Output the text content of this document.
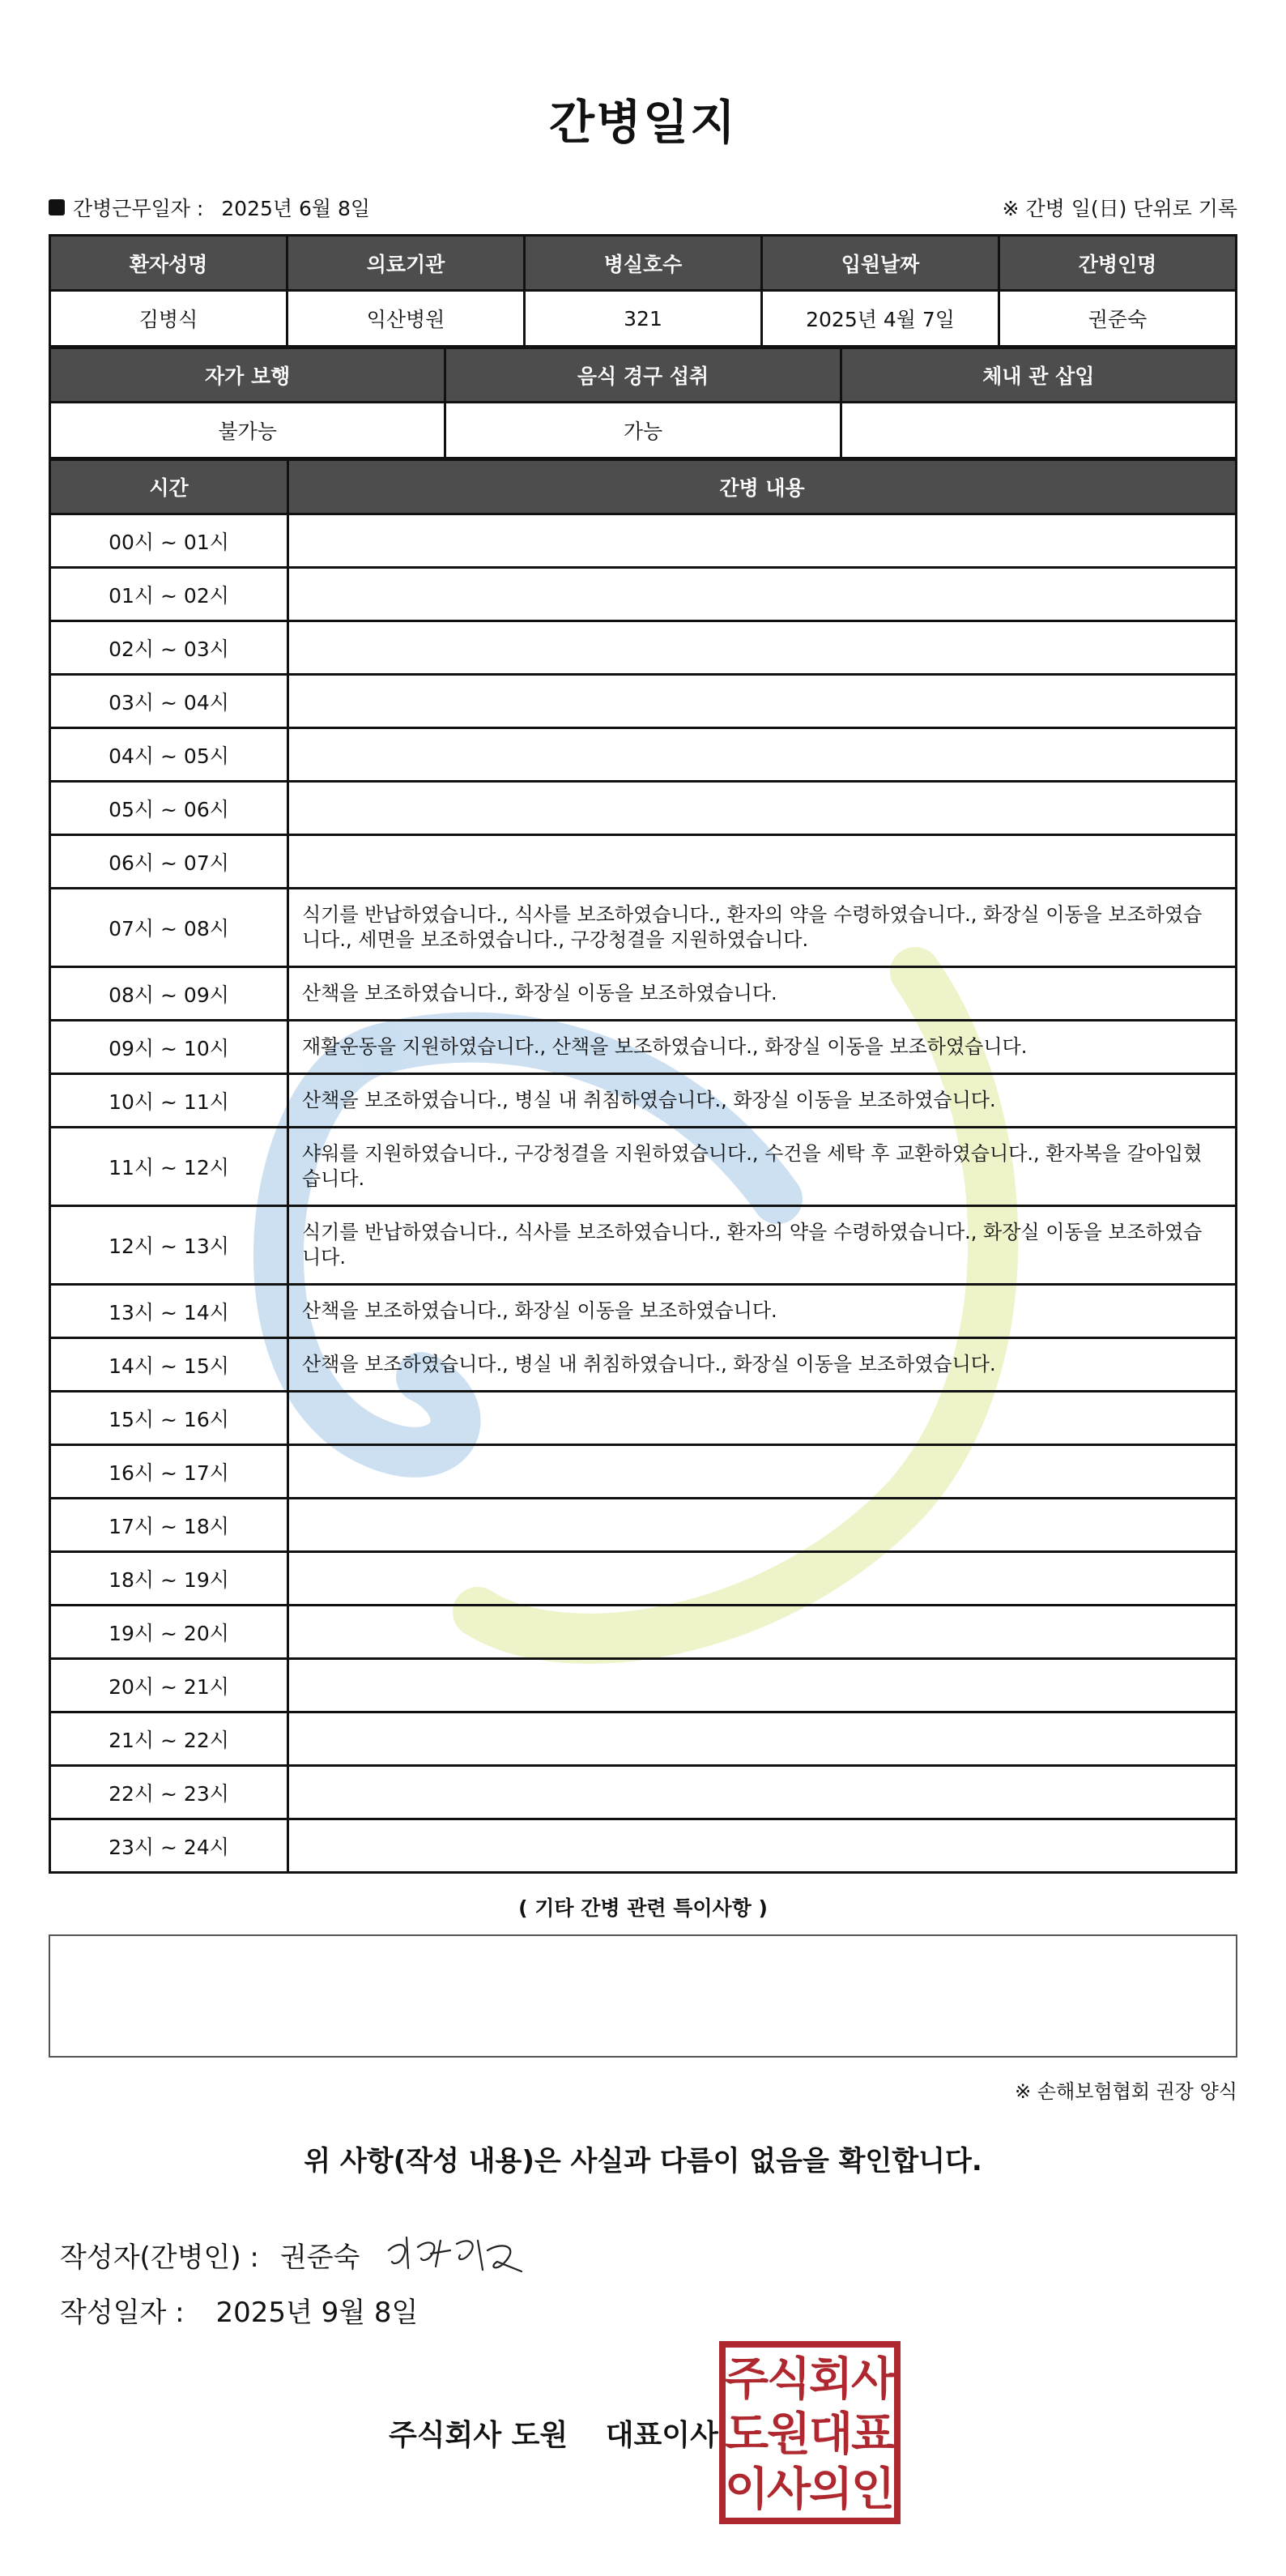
간병일지
간병근무일자 : 2025년 6월 8일	※ 간병 일(日) 단위로 기록
환자성명	의료기관	병실호수	입원날짜	간병인명
김병식	익산병원	321	2025년 4월 7일	권준숙
자가 보행	음식 경구 섭취	체내 관 삽입
불가능	가능	
시간	간병 내용
00시 ~ 01시	
01시 ~ 02시	
02시 ~ 03시	
03시 ~ 04시	
04시 ~ 05시	
05시 ~ 06시	
06시 ~ 07시	
07시 ~ 08시	식기를 반납하였습니다., 식사를 보조하였습니다., 환자의 약을 수령하였습니다., 화장실 이동을 보조하였습니다., 세면을 보조하였습니다., 구강청결을 지원하였습니다.
08시 ~ 09시	산책을 보조하였습니다., 화장실 이동을 보조하였습니다.
09시 ~ 10시	재활운동을 지원하였습니다., 산책을 보조하였습니다., 화장실 이동을 보조하였습니다.
10시 ~ 11시	산책을 보조하였습니다., 병실 내 취침하였습니다., 화장실 이동을 보조하였습니다.
11시 ~ 12시	샤워를 지원하였습니다., 구강청결을 지원하였습니다., 수건을 세탁 후 교환하였습니다., 환자복을 갈아입혔습니다.
12시 ~ 13시	식기를 반납하였습니다., 식사를 보조하였습니다., 환자의 약을 수령하였습니다., 화장실 이동을 보조하였습니다.
13시 ~ 14시	산책을 보조하였습니다., 화장실 이동을 보조하였습니다.
14시 ~ 15시	산책을 보조하였습니다., 병실 내 취침하였습니다., 화장실 이동을 보조하였습니다.
15시 ~ 16시	
16시 ~ 17시	
17시 ~ 18시	
18시 ~ 19시	
19시 ~ 20시	
20시 ~ 21시	
21시 ~ 22시	
22시 ~ 23시	
23시 ~ 24시	
( 기타 간병 관련 특이사항 )
※ 손해보험협회 권장 양식
위 사항(작성 내용)은 사실과 다름이 없음을 확인합니다.
작성자(간병인) : 권준숙
작성일자 : 2025년 9월 8일
주식회사 도원 대표이사
주
식
회
사
도
원
대
표
이
사
의
인
